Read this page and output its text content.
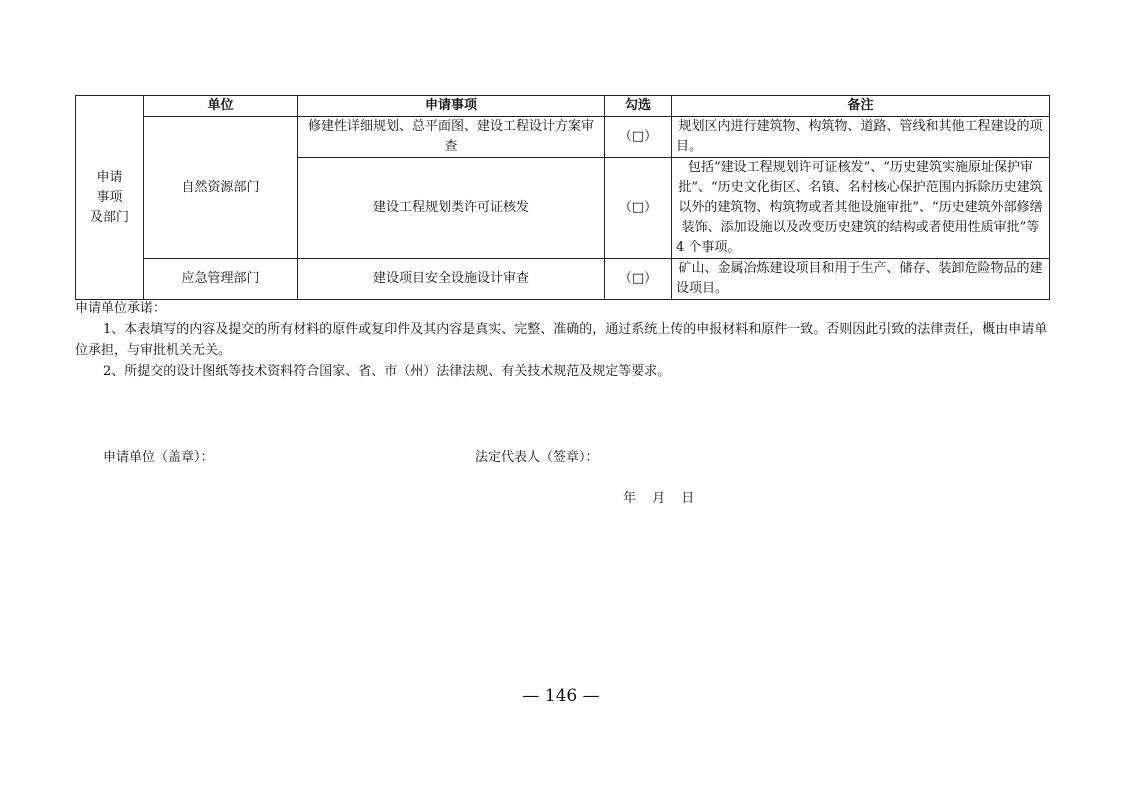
申请
事项
及部门	单位	申请事项	勾选	备注
	自然资源部门	修建性详细规划、总平面图、建设工程设计方案审查	（□）	规划区内进行建筑物、构筑物、道路、管线和其他工程建设的项目。
		建设工程规划类许可证核发	（□）	包括“建设工程规划许可证核发”、“历史建筑实施原址保护审批”、“历史文化街区、名镇、名村核心保护范围内拆除历史建筑以外的建筑物、构筑物或者其他设施审批”、“历史建筑外部修缮装饰、添加设施以及改变历史建筑的结构或者使用性质审批”等 4 个事项。
	应急管理部门	建设项目安全设施设计审查	（□）	矿山、金属冶炼建设项目和用于生产、储存、装卸危险物品的建设项目。

申请单位承诺：

1、本表填写的内容及提交的所有材料的原件或复印件及其内容是真实、完整、准确的，通过系统上传的申报材料和原件一致。否则因此引致的法律责任，概由申请单位承担，与审批机关无关。

2、所提交的设计图纸等技术资料符合国家、省、市（州）法律法规、有关技术规范及规定等要求。

申请单位（盖章）：	法定代表人（签章）：
年 月 日
— 146 —
